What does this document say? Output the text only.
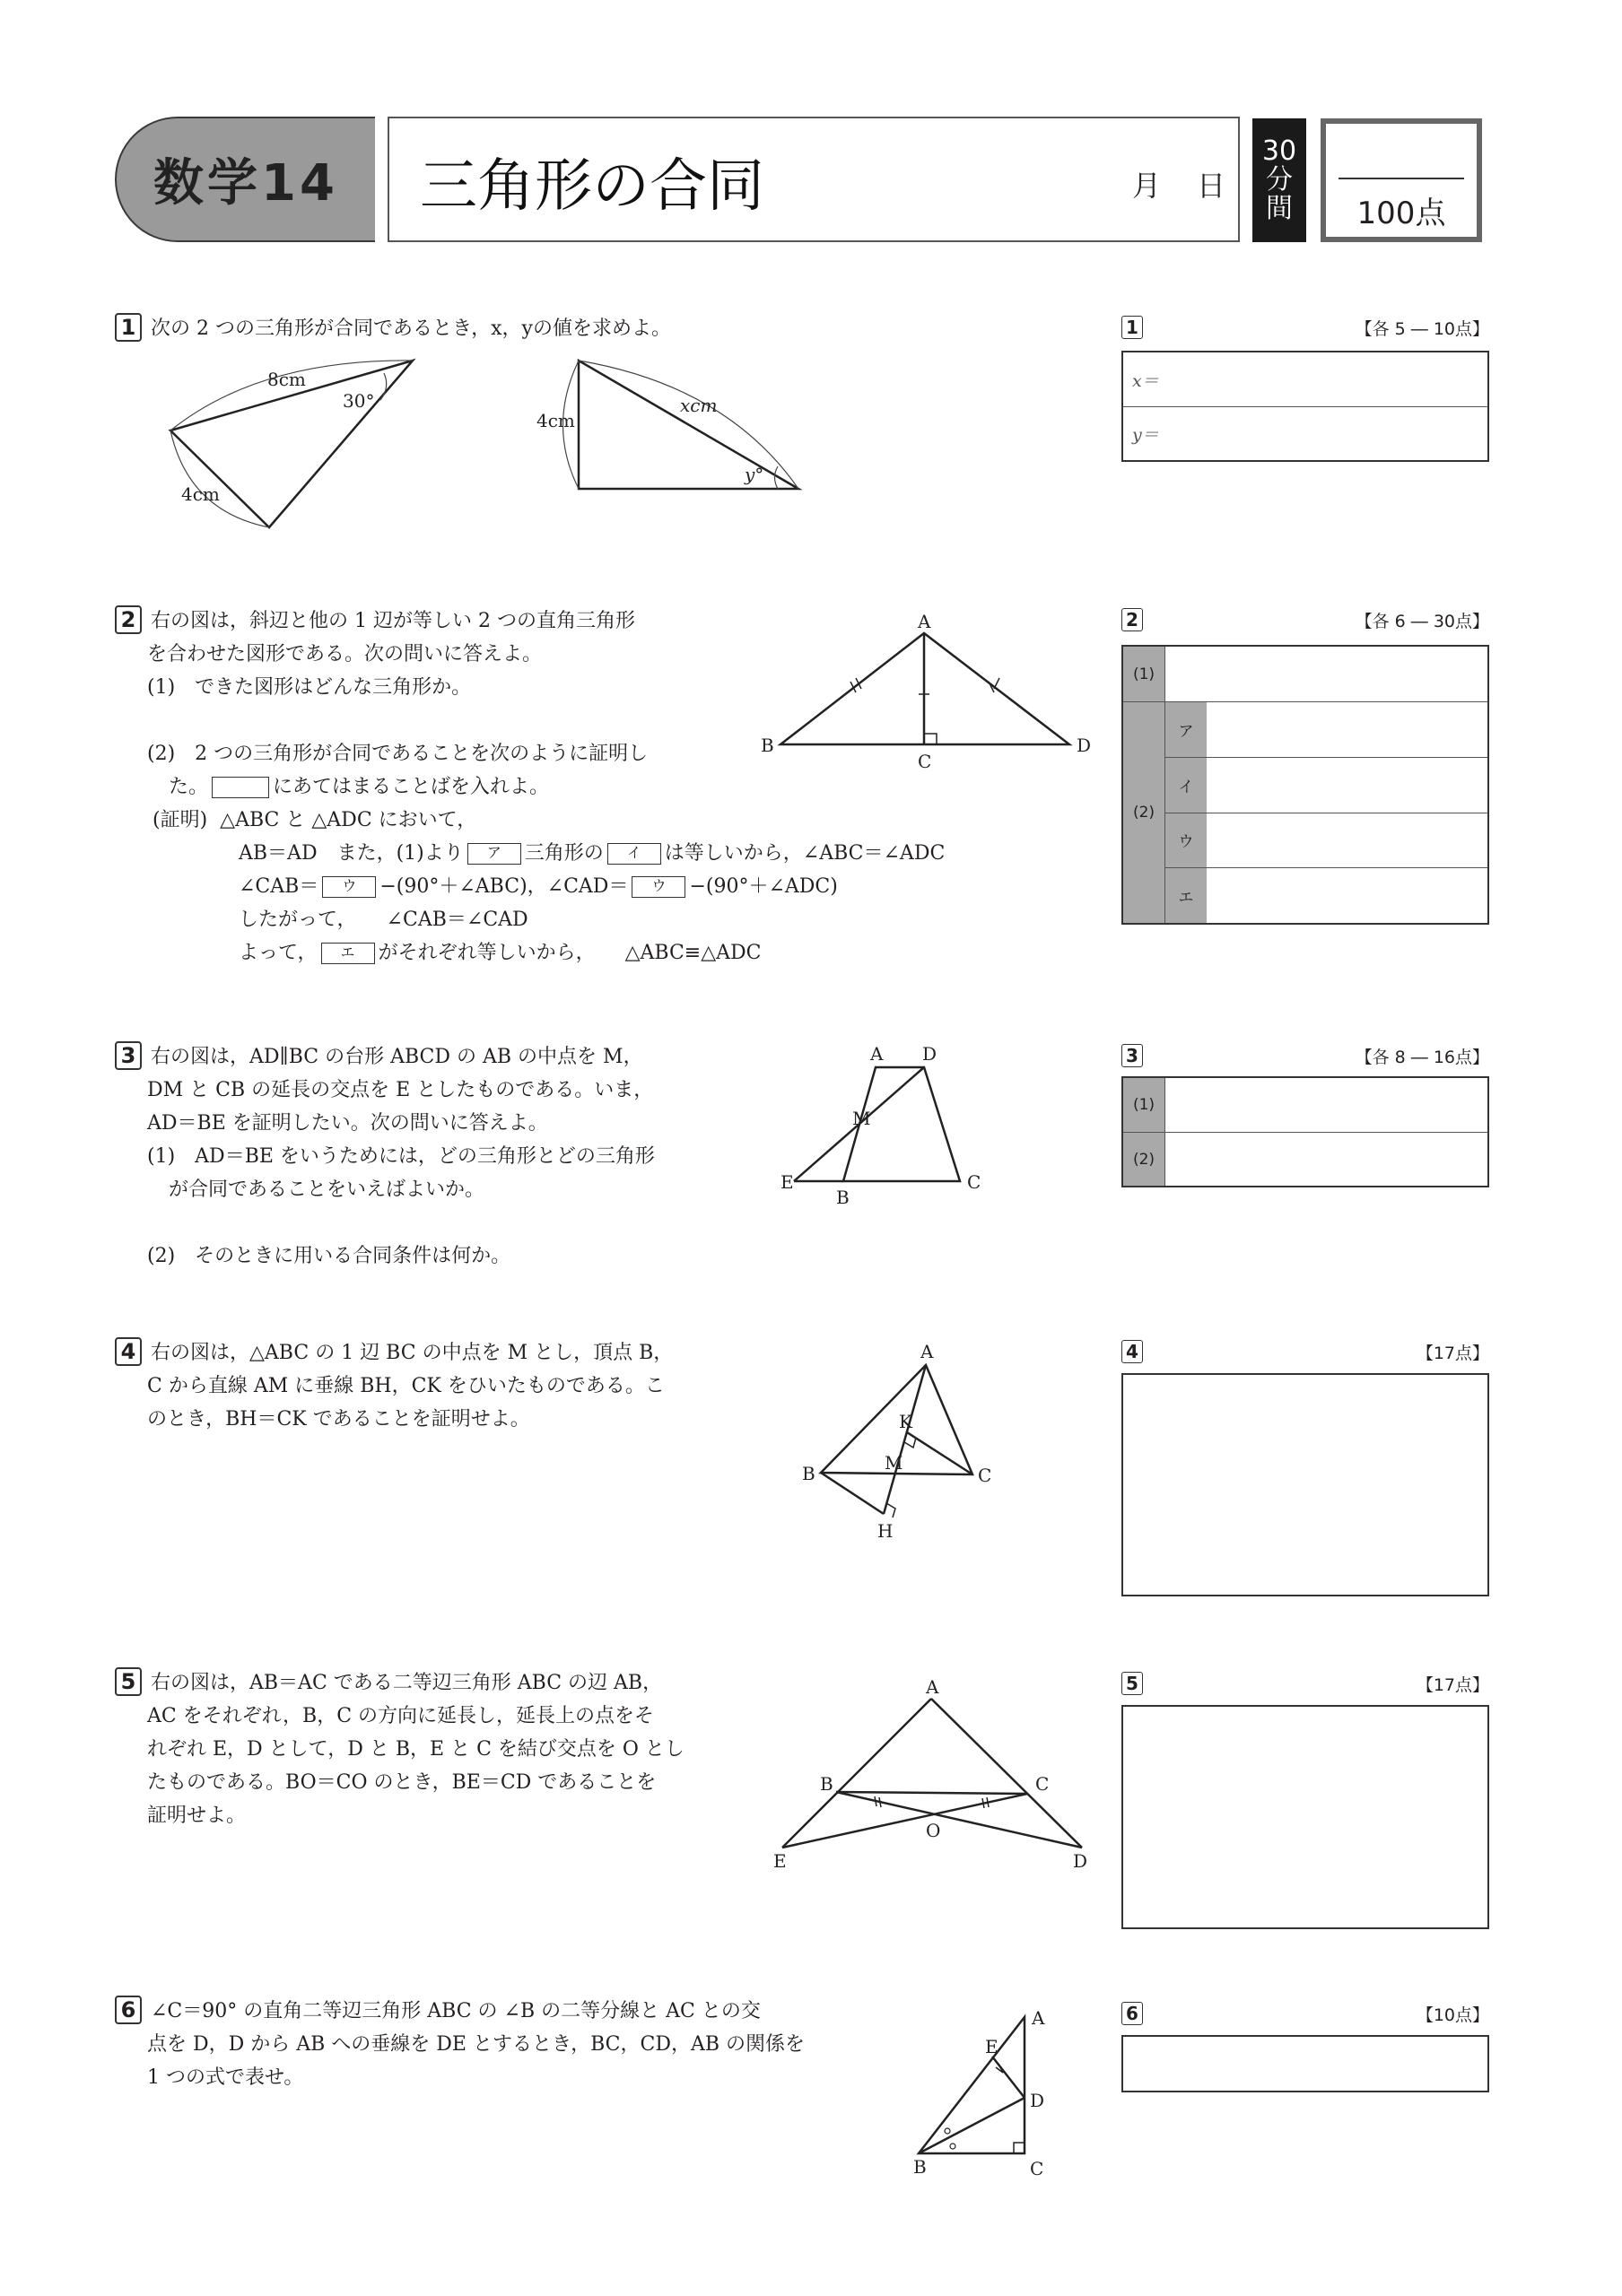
数学14 三角形の合同	月 日
30
分
間	100点
1 次の 2 つの三角形が合同であるとき，x，yの値を求めよ。
8cm
30°
4cm
4cm
xcm
y°
1	【各 5 ― 10点】
x＝
y＝
2 右の図は，斜辺と他の 1 辺が等しい 2 つの直角三角形
を合わせた図形である。次の問いに答えよ。
(1)　できた図形はどんな三角形か。
(2)　2 つの三角形が合同であることを次のように証明し
た。	にあてはまることばを入れよ。
(証明) △ABC と △ADC において，
AB＝AD　また，(1)より ア 三角形の イ は等しいから，∠ABC＝∠ADC
∠CAB＝ ウ −(90°＋∠ABC)，∠CAD＝ ウ −(90°＋∠ADC)
したがって，　　∠CAB＝∠CAD
よって， エ がそれぞれ等しいから，　　△ABC≡△ADC
A
B
C
D
2	【各 6 ― 30点】
(1)
(2)
ア
イ
ウ
エ
3 右の図は，AD∥BC の台形 ABCD の AB の中点を M，
DM と CB の延長の交点を E としたものである。いま，
AD＝BE を証明したい。次の問いに答えよ。
(1)　AD＝BE をいうためには，どの三角形とどの三角形
が合同であることをいえばよいか。
(2)　そのときに用いる合同条件は何か。
A D
M
E
B
C
3	【各 8 ― 16点】
(1)
(2)
4 右の図は，△ABC の 1 辺 BC の中点を M とし，頂点 B，
C から直線 AM に垂線 BH，CK をひいたものである。こ
のとき，BH＝CK であることを証明せよ。
A
K
M
B	C
H
4	【17点】
5 右の図は，AB＝AC である二等辺三角形 ABC の辺 AB，
AC をそれぞれ，B，C の方向に延長し，延長上の点をそ
れぞれ E，D として，D と B，E と C を結び交点を O とし
たものである。BO＝CO のとき，BE＝CD であることを
証明せよ。
A
B	C
O
E	D
5	【17点】
6 ∠C＝90° の直角二等辺三角形 ABC の ∠B の二等分線と AC との交
点を D，D から AB への垂線を DE とするとき，BC，CD，AB の関係を
1 つの式で表せ。
A
E
D
B	C
6	【10点】
